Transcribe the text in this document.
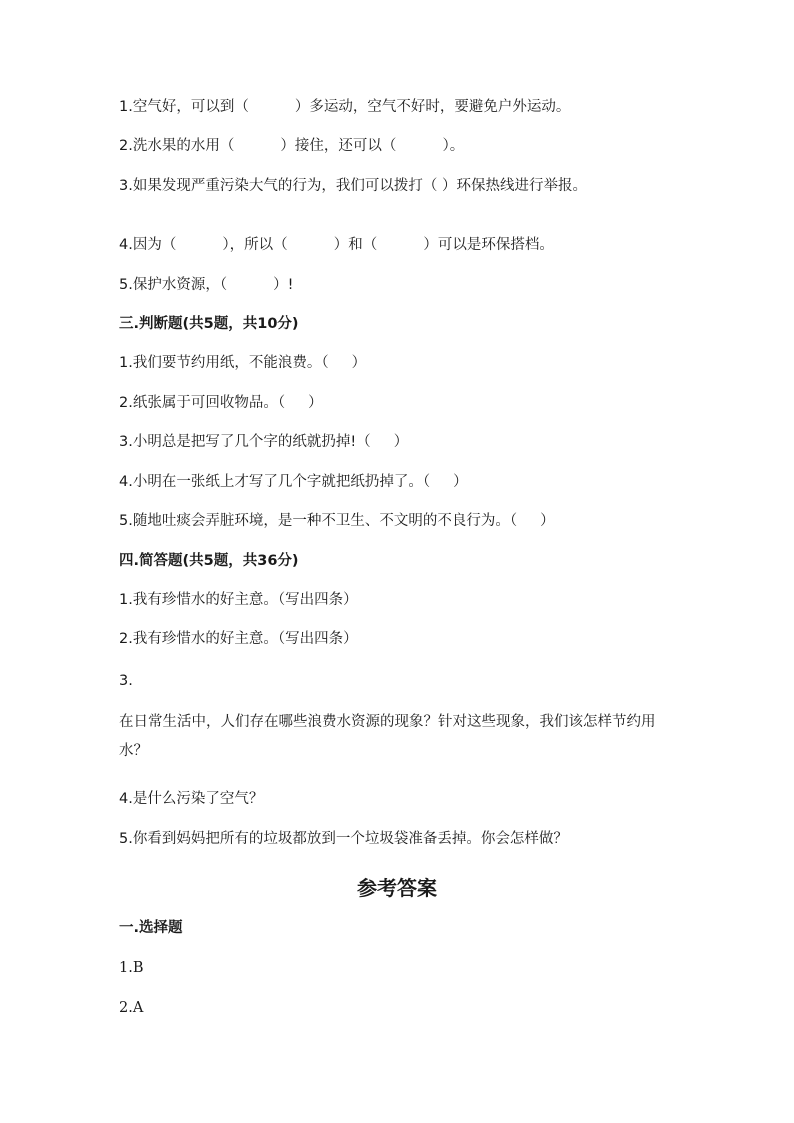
1.空气好，可以到（          ）多运动，空气不好时，要避免户外运动。
2.洗水果的水用（          ）接住，还可以（          ）。
3.如果发现严重污染大气的行为，我们可以拨打（ ）环保热线进行举报。
4.因为（          ），所以（          ）和（          ）可以是环保搭档。
5.保护水资源，（          ）!
三.判断题(共5题，共10分)
1.我们要节约用纸，不能浪费。（     ）
2.纸张属于可回收物品。（     ）
3.小明总是把写了几个字的纸就扔掉!（     ）
4.小明在一张纸上才写了几个字就把纸扔掉了。（     ）
5.随地吐痰会弄脏环境，是一种不卫生、不文明的不良行为。（     ）
四.简答题(共5题，共36分)
1.我有珍惜水的好主意。（写出四条）
2.我有珍惜水的好主意。（写出四条）
3.
在日常生活中，人们存在哪些浪费水资源的现象？针对这些现象，我们该怎样节约用水？
4.是什么污染了空气？
5.你看到妈妈把所有的垃圾都放到一个垃圾袋准备丢掉。你会怎样做？
参考答案
一.选择题
1.B
2.A
